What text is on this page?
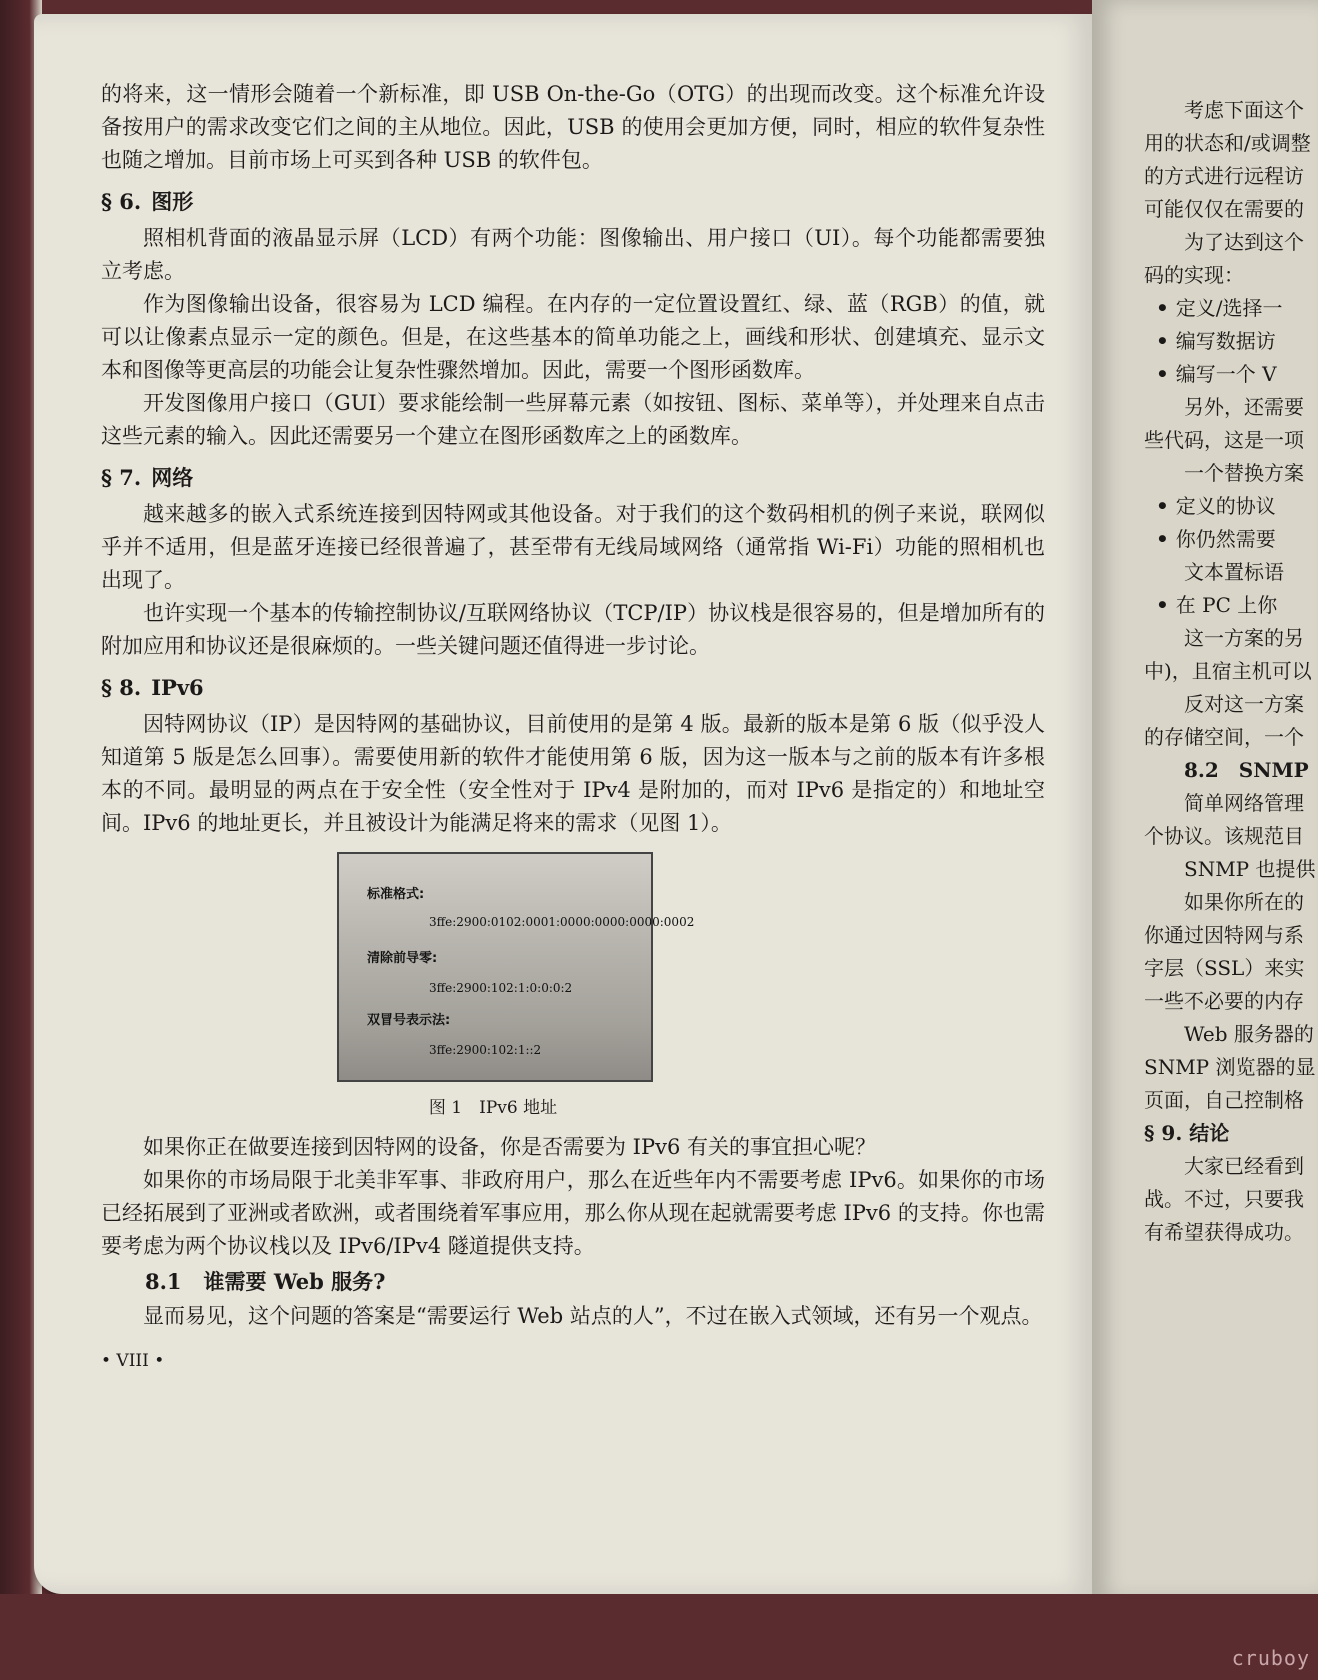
的将来，这一情形会随着一个新标准，即 USB On-the-Go（OTG）的出现而改变。这个标准允许设备按用户的需求改变它们之间的主从地位。因此，USB 的使用会更加方便，同时，相应的软件复杂性也随之增加。目前市场上可买到各种 USB 的软件包。

§ 6. 图形

照相机背面的液晶显示屏（LCD）有两个功能：图像输出、用户接口（UI）。每个功能都需要独立考虑。

作为图像输出设备，很容易为 LCD 编程。在内存的一定位置设置红、绿、蓝（RGB）的值，就可以让像素点显示一定的颜色。但是，在这些基本的简单功能之上，画线和形状、创建填充、显示文本和图像等更高层的功能会让复杂性骤然增加。因此，需要一个图形函数库。

开发图像用户接口（GUI）要求能绘制一些屏幕元素（如按钮、图标、菜单等），并处理来自点击这些元素的输入。因此还需要另一个建立在图形函数库之上的函数库。

§ 7. 网络

越来越多的嵌入式系统连接到因特网或其他设备。对于我们的这个数码相机的例子来说，联网似乎并不适用，但是蓝牙连接已经很普遍了，甚至带有无线局域网络（通常指 Wi-Fi）功能的照相机也出现了。

也许实现一个基本的传输控制协议/互联网络协议（TCP/IP）协议栈是很容易的，但是增加所有的附加应用和协议还是很麻烦的。一些关键问题还值得进一步讨论。

§ 8. IPv6

因特网协议（IP）是因特网的基础协议，目前使用的是第 4 版。最新的版本是第 6 版（似乎没人知道第 5 版是怎么回事）。需要使用新的软件才能使用第 6 版，因为这一版本与之前的版本有许多根本的不同。最明显的两点在于安全性（安全性对于 IPv4 是附加的，而对 IPv6 是指定的）和地址空间。IPv6 的地址更长，并且被设计为能满足将来的需求（见图 1）。

标准格式:
3ffe:2900:0102:0001:0000:0000:0000:0002
清除前导零:
3ffe:2900:102:1:0:0:0:2
双冒号表示法:
3ffe:2900:102:1::2
图 1　IPv6 地址

如果你正在做要连接到因特网的设备，你是否需要为 IPv6 有关的事宜担心呢？

如果你的市场局限于北美非军事、非政府用户，那么在近些年内不需要考虑 IPv6。如果你的市场已经拓展到了亚洲或者欧洲，或者围绕着军事应用，那么你从现在起就需要考虑 IPv6 的支持。你也需要考虑为两个协议栈以及 IPv6/IPv4 隧道提供支持。

8.1 谁需要 Web 服务?

显而易见，这个问题的答案是“需要运行 Web 站点的人”，不过在嵌入式领域，还有另一个观点。

• VIII •
考虑下面这个
用的状态和/或调整
的方式进行远程访
可能仅仅在需要的
为了达到这个
码的实现：
• 定义/选择一
• 编写数据访
• 编写一个 V
另外，还需要
些代码，这是一项
一个替换方案
• 定义的协议
• 你仍然需要
文本置标语
• 在 PC 上你
这一方案的另
中)，且宿主机可以
反对这一方案
的存储空间，一个
8.2　SNMP
简单网络管理
个协议。该规范目
SNMP 也提供
如果你所在的
你通过因特网与系
字层（SSL）来实
一些不必要的内存
Web 服务器的
SNMP 浏览器的显
页面，自己控制格
§ 9. 结论
大家已经看到
战。不过，只要我
有希望获得成功。
cruboy
